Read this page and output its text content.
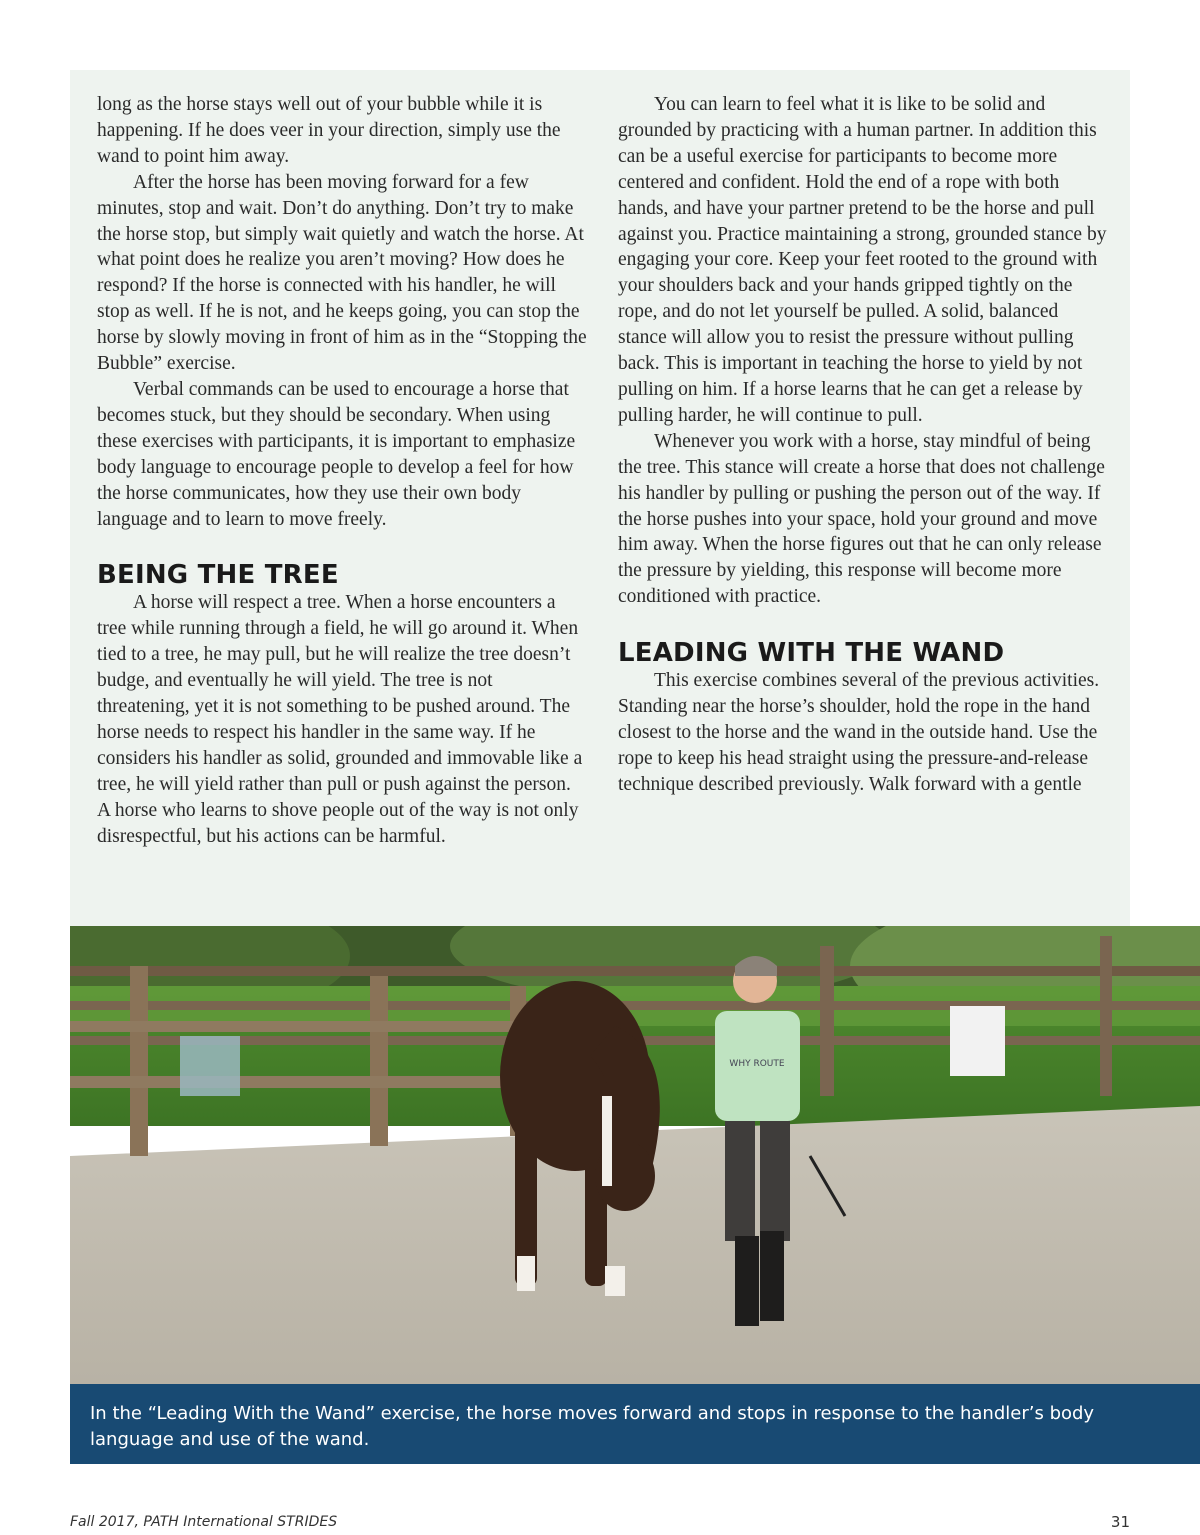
long as the horse stays well out of your bubble while it is happening. If he does veer in your direction, simply use the wand to point him away.

After the horse has been moving forward for a few minutes, stop and wait. Don’t do anything. Don’t try to make the horse stop, but simply wait quietly and watch the horse. At what point does he realize you aren’t moving? How does he respond? If the horse is connected with his handler, he will stop as well. If he is not, and he keeps going, you can stop the horse by slowly moving in front of him as in the “Stopping the Bubble” exercise.

Verbal commands can be used to encourage a horse that becomes stuck, but they should be secondary. When using these exercises with participants, it is important to emphasize body language to encourage people to develop a feel for how the horse communicates, how they use their own body language and to learn to move freely.

BEING THE TREE

A horse will respect a tree. When a horse encounters a tree while running through a field, he will go around it. When tied to a tree, he may pull, but he will realize the tree doesn’t budge, and eventually he will yield. The tree is not threatening, yet it is not something to be pushed around. The horse needs to respect his handler in the same way. If he considers his handler as solid, grounded and immovable like a tree, he will yield rather than pull or push against the person. A horse who learns to shove people out of the way is not only disrespectful, but his actions can be harmful.

You can learn to feel what it is like to be solid and grounded by practicing with a human partner. In addition this can be a useful exercise for participants to become more centered and confident. Hold the end of a rope with both hands, and have your partner pretend to be the horse and pull against you. Practice maintaining a strong, grounded stance by engaging your core. Keep your feet rooted to the ground with your shoulders back and your hands gripped tightly on the rope, and do not let yourself be pulled. A solid, balanced stance will allow you to resist the pressure without pulling back. This is important in teaching the horse to yield by not pulling on him. If a horse learns that he can get a release by pulling harder, he will continue to pull.

Whenever you work with a horse, stay mindful of being the tree. This stance will create a horse that does not challenge his handler by pulling or pushing the person out of the way. If the horse pushes into your space, hold your ground and move him away. When the horse figures out that he can only release the pressure by yielding, this response will become more conditioned with practice.

LEADING WITH THE WAND

This exercise combines several of the previous activities. Standing near the horse’s shoulder, hold the rope in the hand closest to the horse and the wand in the outside hand. Use the rope to keep his head straight using the pressure-and-release technique described previously. Walk forward with a gentle

WHY ROUTE
In the “Leading With the Wand” exercise, the horse moves forward and stops in response to the handler’s body language and use of the wand.
Fall 2017, PATH International STRIDES	31
